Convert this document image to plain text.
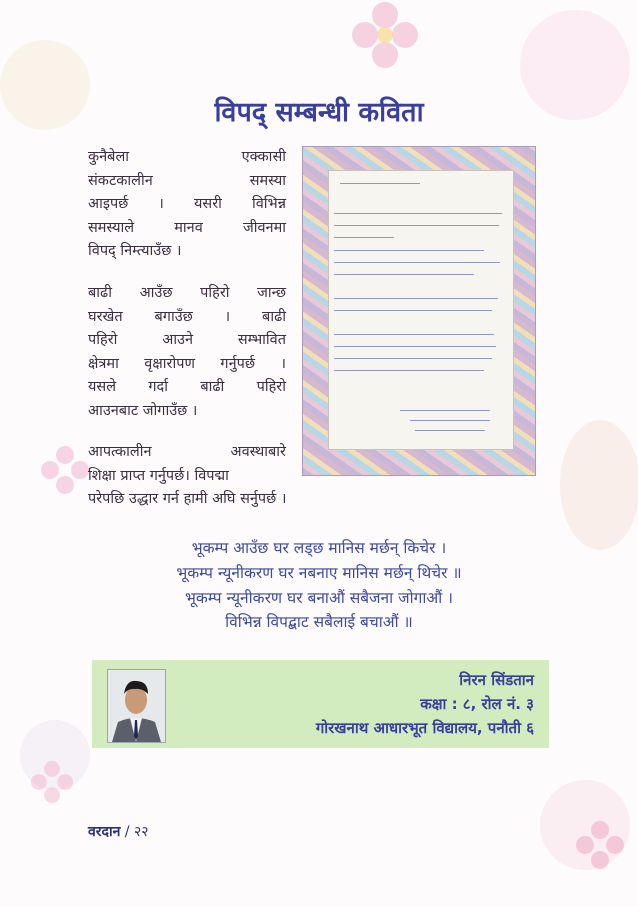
विपद् सम्बन्धी कविता
कुनैबेला एक्कासी
संकटकालीन समस्या
आइपर्छ । यसरी विभिन्न
समस्याले मानव जीवनमा
विपद् निम्त्याउँछ ।
बाढी आउँछ पहिरो जान्छ
घरखेत बगाउँछ । बाढी
पहिरो आउने सम्भावित
क्षेत्रमा वृक्षारोपण गर्नुपर्छ ।
यसले गर्दा बाढी पहिरो
आउनबाट जोगाउँछ ।
आपत्कालीन अवस्थाबारे
शिक्षा प्राप्त गर्नुपर्छ। विपद्मा
परेपछि उद्धार गर्न हामी अघि सर्नुपर्छ ।
भूकम्प आउँछ घर लड्छ मानिस मर्छन् किचेर ।
भूकम्प न्यूनीकरण घर नबनाए मानिस मर्छन् थिचेर ॥
भूकम्प न्यूनीकरण घर बनाऔं सबैजना जोगाऔं ।
विभिन्न विपद्बाट सबैलाई बचाऔं ॥
निरन सिंडतान
कक्षा : ८, रोल नं. ३
गोरखनाथ आधारभूत विद्यालय, पनौती ६
वरदान / २२
